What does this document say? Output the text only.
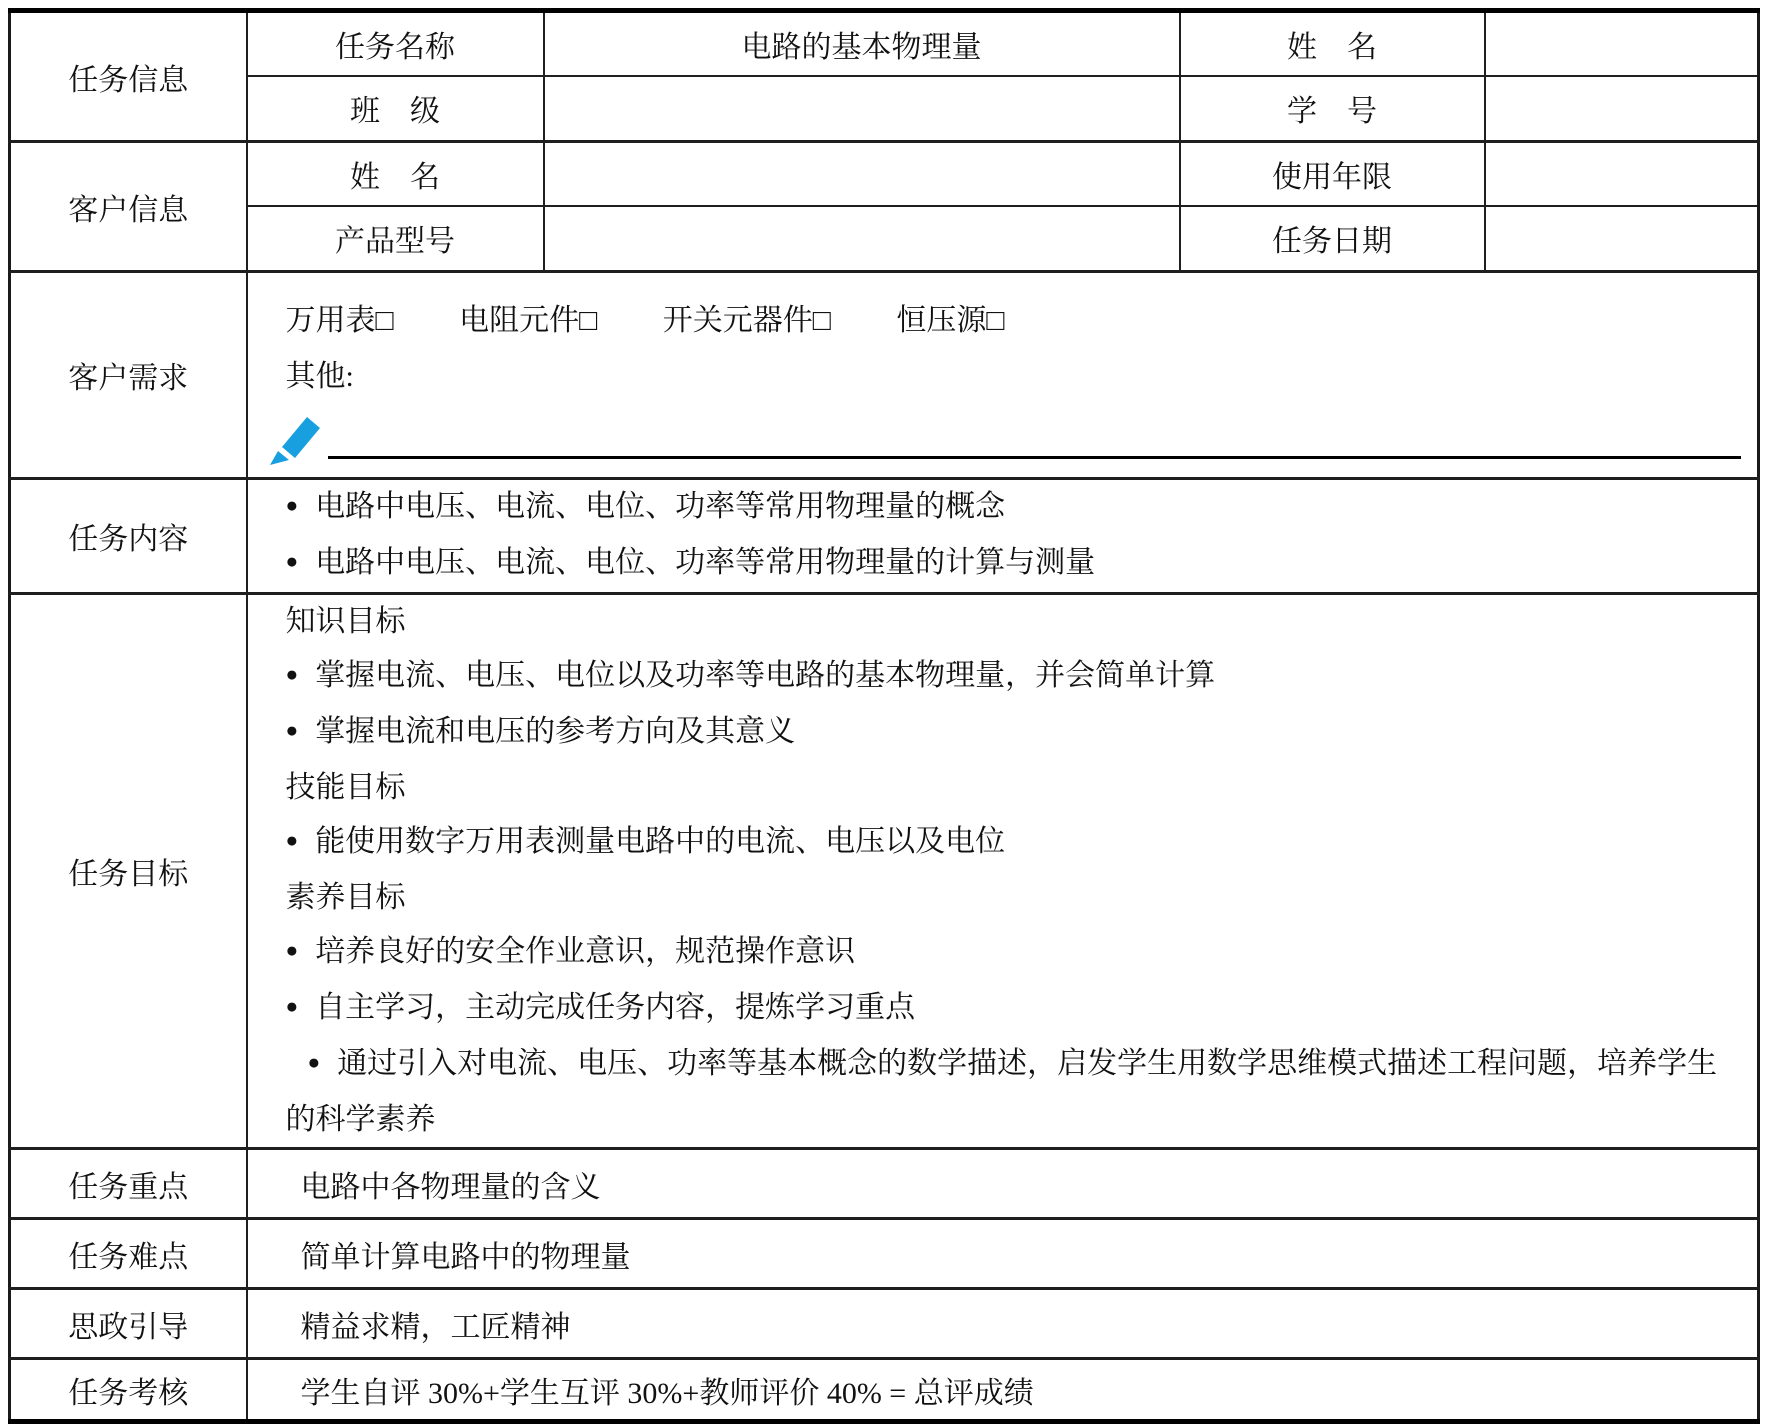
任务信息	任务名称	电路的基本物理量	姓　名	
	班　级		学　号	
客户信息	姓　名		使用年限	
	产品型号		任务日期	
客户需求	万用表□ 电阻元件□ 开关元器件□ 恒压源□
其他:			

任务内容	● 电路中电压、电流、电位、功率等常用物理量的概念
● 电路中电压、电流、电位、功率等常用物理量的计算与测量

任务目标	
知识目标
● 掌握电流、电压、电位以及功率等电路的基本物理量，并会简单计算
● 掌握电流和电压的参考方向及其意义
技能目标
● 能使用数字万用表测量电路中的电流、电压以及电位
素养目标
● 培养良好的安全作业意识，规范操作意识
● 自主学习，主动完成任务内容，提炼学习重点
● 通过引入对电流、电压、功率等基本概念的数学描述，启发学生用数学思维模式描述工程问题，培养学生的科学素养

任务重点	电路中各物理量的含义			
任务难点	简单计算电路中的物理量			
思政引导	精益求精，工匠精神			
任务考核	学生自评 30%+学生互评 30%+教师评价 40% = 总评成绩			
